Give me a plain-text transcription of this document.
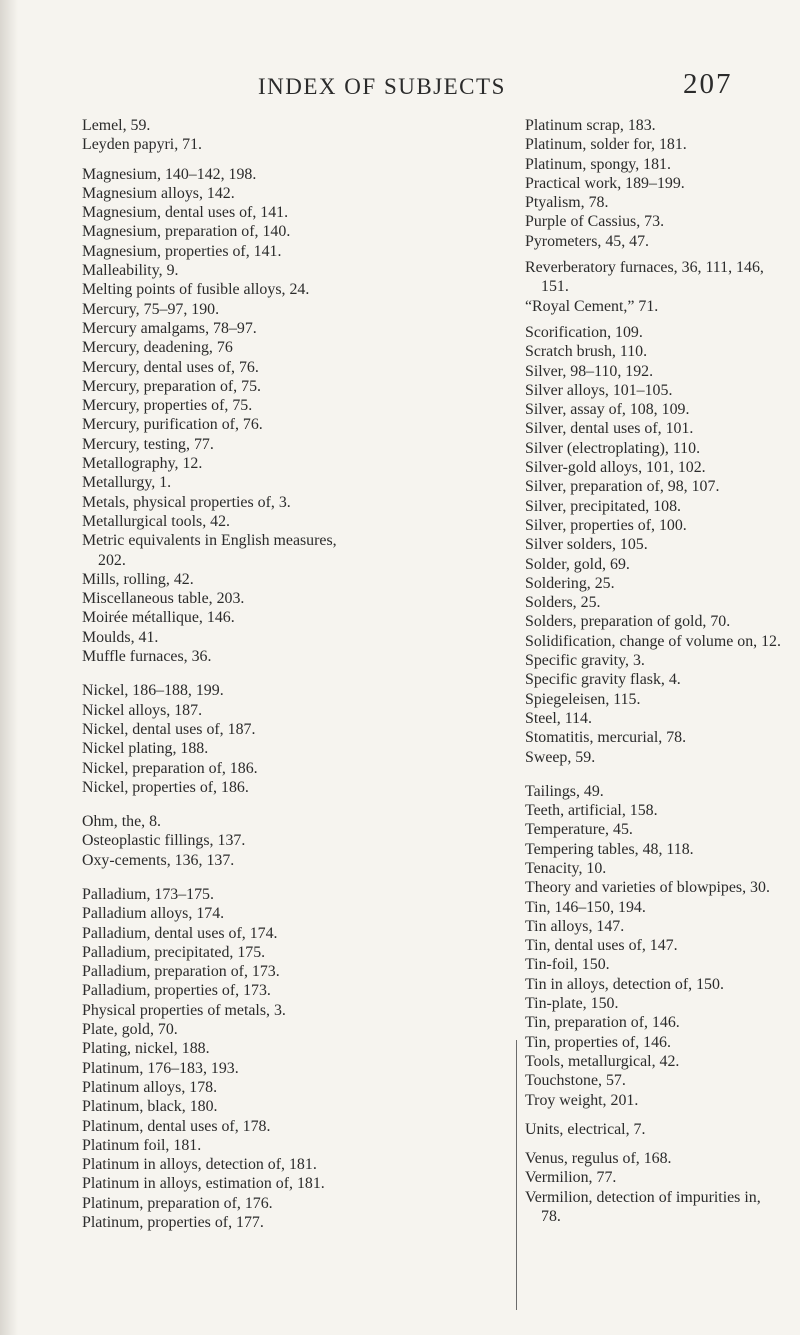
INDEX OF SUBJECTS	207
Lemel, 59.
Leyden papyri, 71.
Magnesium, 140–142, 198.
Magnesium alloys, 142.
Magnesium, dental uses of, 141.
Magnesium, preparation of, 140.
Magnesium, properties of, 141.
Malleability, 9.
Melting points of fusible alloys, 24.
Mercury, 75–97, 190.
Mercury amalgams, 78–97.
Mercury, deadening, 76
Mercury, dental uses of, 76.
Mercury, preparation of, 75.
Mercury, properties of, 75.
Mercury, purification of, 76.
Mercury, testing, 77.
Metallography, 12.
Metallurgy, 1.
Metals, physical properties of, 3.
Metallurgical tools, 42.
Metric equivalents in English measures,
202.
Mills, rolling, 42.
Miscellaneous table, 203.
Moirée métallique, 146.
Moulds, 41.
Muffle furnaces, 36.
Nickel, 186–188, 199.
Nickel alloys, 187.
Nickel, dental uses of, 187.
Nickel plating, 188.
Nickel, preparation of, 186.
Nickel, properties of, 186.
Ohm, the, 8.
Osteoplastic fillings, 137.
Oxy-cements, 136, 137.
Palladium, 173–175.
Palladium alloys, 174.
Palladium, dental uses of, 174.
Palladium, precipitated, 175.
Palladium, preparation of, 173.
Palladium, properties of, 173.
Physical properties of metals, 3.
Plate, gold, 70.
Plating, nickel, 188.
Platinum, 176–183, 193.
Platinum alloys, 178.
Platinum, black, 180.
Platinum, dental uses of, 178.
Platinum foil, 181.
Platinum in alloys, detection of, 181.
Platinum in alloys, estimation of, 181.
Platinum, preparation of, 176.
Platinum, properties of, 177.
Platinum scrap, 183.
Platinum, solder for, 181.
Platinum, spongy, 181.
Practical work, 189–199.
Ptyalism, 78.
Purple of Cassius, 73.
Pyrometers, 45, 47.
Reverberatory furnaces, 36, 111, 146,
151.
“Royal Cement,” 71.
Scorification, 109.
Scratch brush, 110.
Silver, 98–110, 192.
Silver alloys, 101–105.
Silver, assay of, 108, 109.
Silver, dental uses of, 101.
Silver (electroplating), 110.
Silver-gold alloys, 101, 102.
Silver, preparation of, 98, 107.
Silver, precipitated, 108.
Silver, properties of, 100.
Silver solders, 105.
Solder, gold, 69.
Soldering, 25.
Solders, 25.
Solders, preparation of gold, 70.
Solidification, change of volume on, 12.
Specific gravity, 3.
Specific gravity flask, 4.
Spiegeleisen, 115.
Steel, 114.
Stomatitis, mercurial, 78.
Sweep, 59.
Tailings, 49.
Teeth, artificial, 158.
Temperature, 45.
Tempering tables, 48, 118.
Tenacity, 10.
Theory and varieties of blowpipes, 30.
Tin, 146–150, 194.
Tin alloys, 147.
Tin, dental uses of, 147.
Tin-foil, 150.
Tin in alloys, detection of, 150.
Tin-plate, 150.
Tin, preparation of, 146.
Tin, properties of, 146.
Tools, metallurgical, 42.
Touchstone, 57.
Troy weight, 201.
Units, electrical, 7.
Venus, regulus of, 168.
Vermilion, 77.
Vermilion, detection of impurities in,
78.
